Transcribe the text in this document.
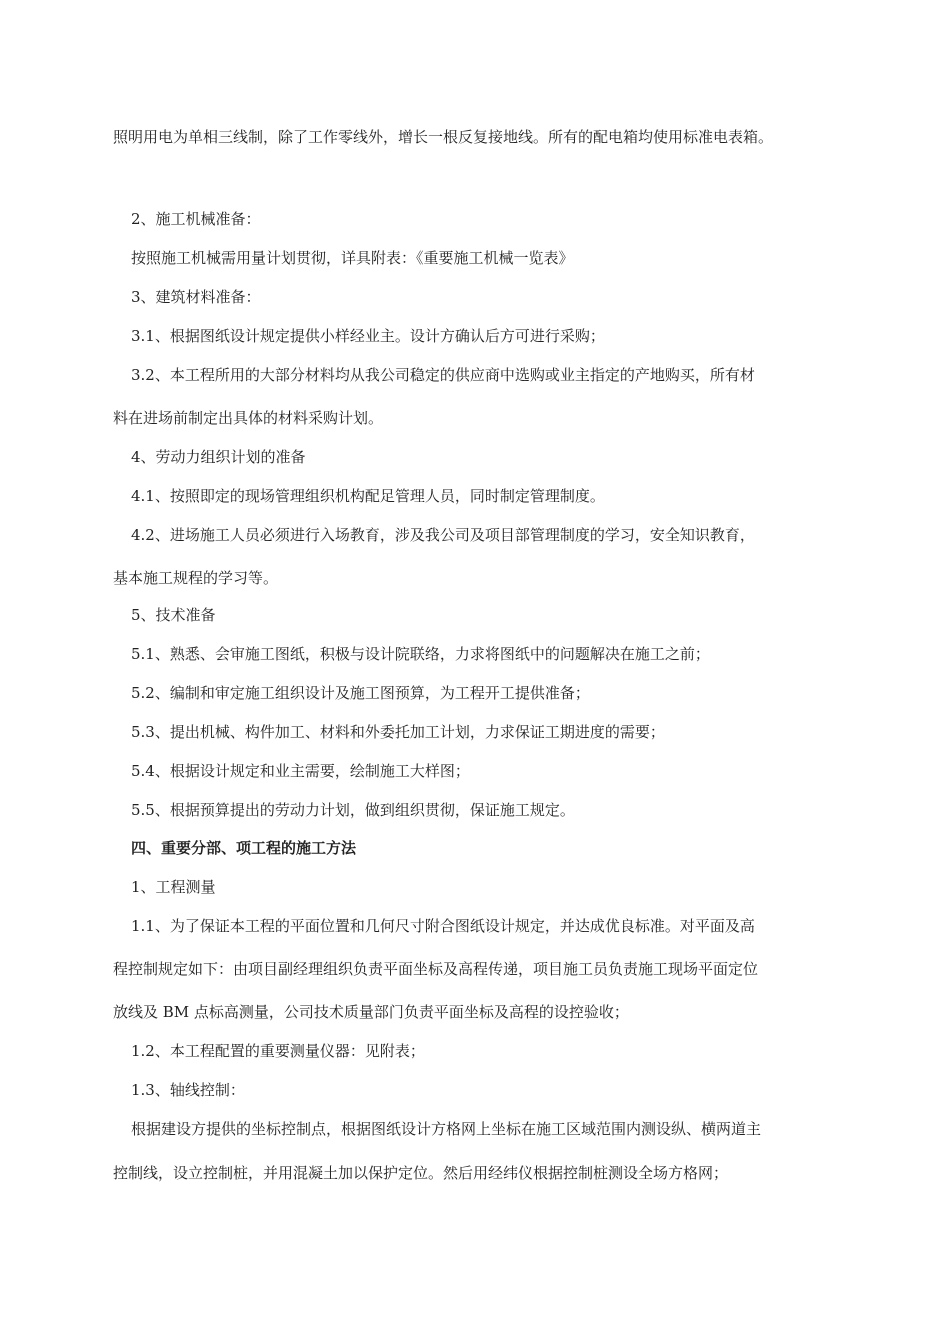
照明用电为单相三线制，除了工作零线外，增长一根反复接地线。所有的配电箱均使用标准电表箱。
2、施工机械准备：
按照施工机械需用量计划贯彻，详具附表：《重要施工机械一览表》
3、建筑材料准备：
3.1、根据图纸设计规定提供小样经业主。设计方确认后方可进行采购；
3.2、本工程所用的大部分材料均从我公司稳定的供应商中选购或业主指定的产地购买，所有材
料在进场前制定出具体的材料采购计划。
4、劳动力组织计划的准备
4.1、按照即定的现场管理组织机构配足管理人员，同时制定管理制度。
4.2、进场施工人员必须进行入场教育，涉及我公司及项目部管理制度的学习，安全知识教育，
基本施工规程的学习等。
5、技术准备
5.1、熟悉、会审施工图纸，积极与设计院联络，力求将图纸中的问题解决在施工之前；
5.2、编制和审定施工组织设计及施工图预算，为工程开工提供准备；
5.3、提出机械、构件加工、材料和外委托加工计划，力求保证工期进度的需要；
5.4、根据设计规定和业主需要，绘制施工大样图；
5.5、根据预算提出的劳动力计划，做到组织贯彻，保证施工规定。
四、重要分部、项工程的施工方法
1、工程测量
1.1、为了保证本工程的平面位置和几何尺寸附合图纸设计规定，并达成优良标准。对平面及高
程控制规定如下：由项目副经理组织负责平面坐标及高程传递，项目施工员负责施工现场平面定位
放线及 BM 点标高测量，公司技术质量部门负责平面坐标及高程的设控验收；
1.2、本工程配置的重要测量仪器：见附表；
1.3、轴线控制：
根据建设方提供的坐标控制点，根据图纸设计方格网上坐标在施工区域范围内测设纵、横两道主
控制线，设立控制桩，并用混凝土加以保护定位。然后用经纬仪根据控制桩测设全场方格网；
